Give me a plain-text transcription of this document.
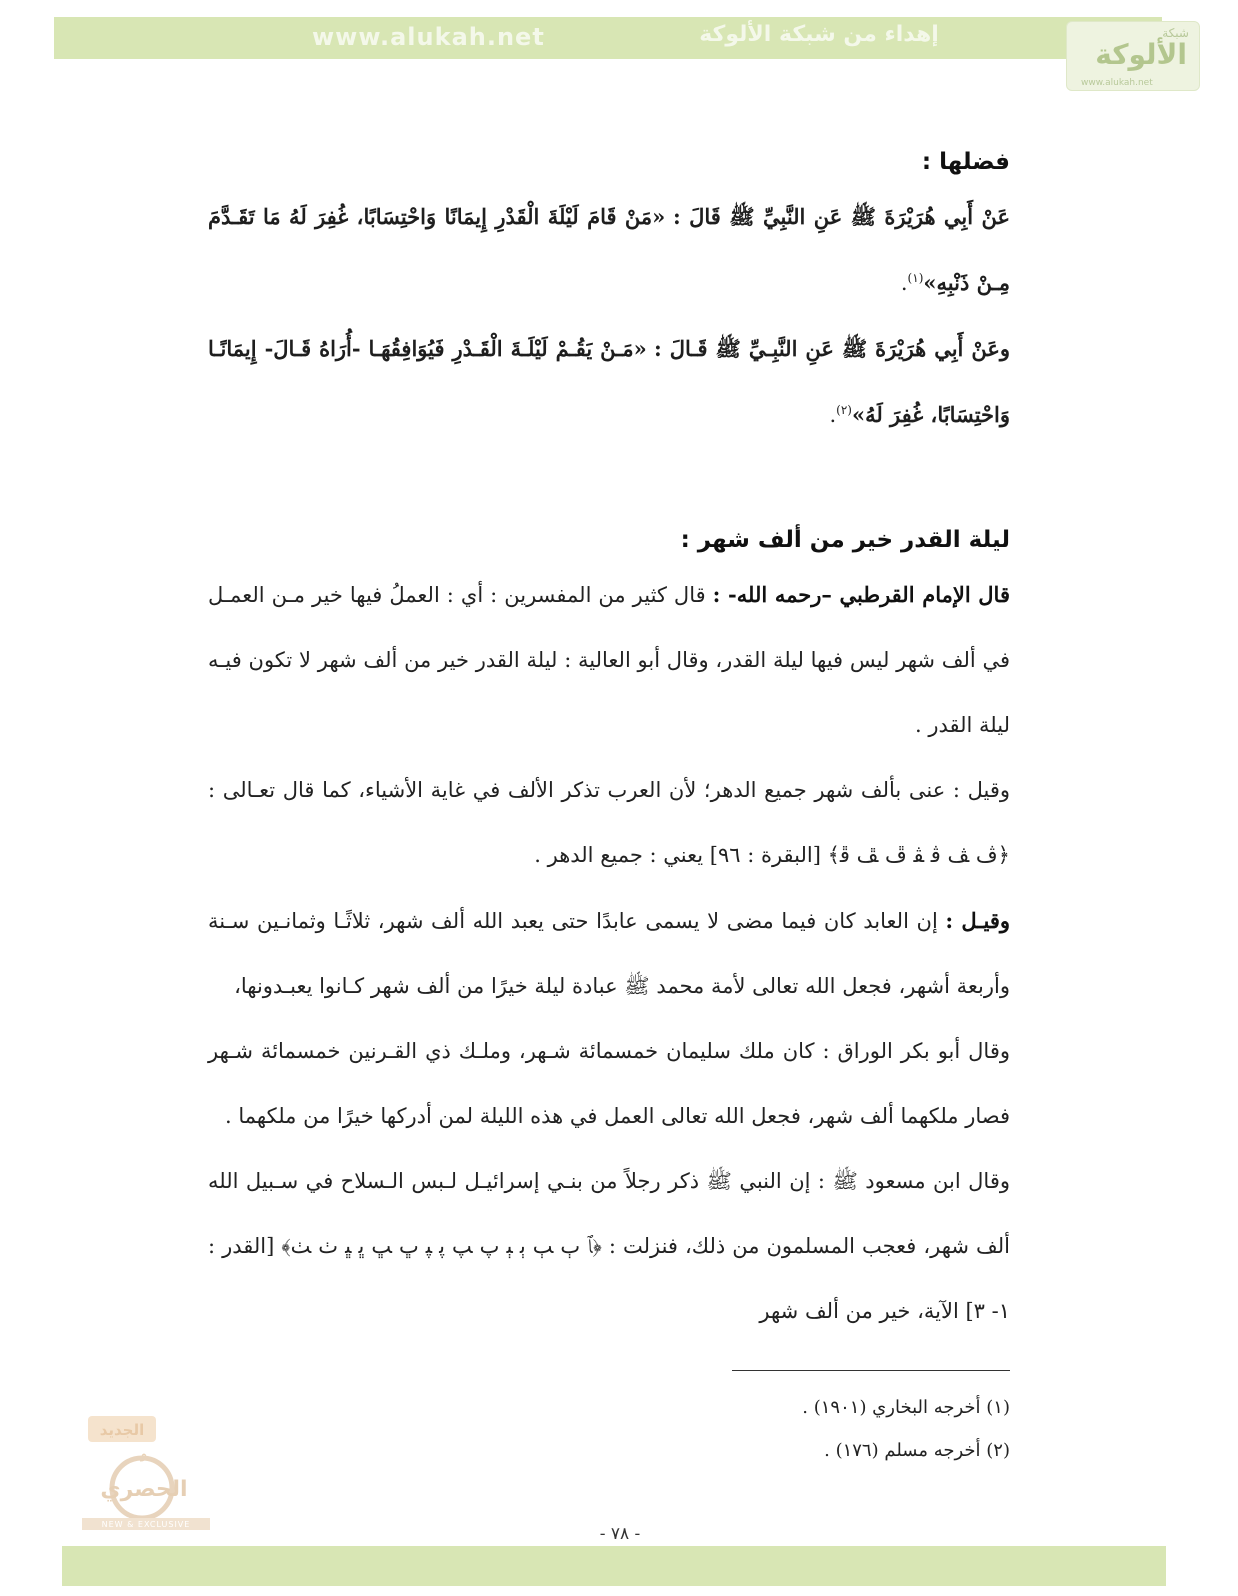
www.alukah.net	إهداء من شبكة الألوكة	شبكة
الألوكة
www.alukah.net

فضلها :

عَنْ أَبِي هُرَيْرَةَ ﷺ عَنِ النَّبِيِّ ﷺ قَالَ : «مَنْ قَامَ لَيْلَةَ الْقَدْرِ إِيمَانًا وَاحْتِسَابًا، غُفِرَ لَهُ مَا تَقَـدَّمَ مِـنْ ذَنْبِهِ»$^{(١)}$.

وعَنْ أَبِي هُرَيْرَةَ ﷺ عَنِ النَّبِـيِّ ﷺ قَـالَ : «مَـنْ يَقُـمْ لَيْلَـةَ الْقَـدْرِ فَيُوَافِقُهَـا -أُرَاهُ قَـالَ- إِيمَانًـا وَاحْتِسَابًا، غُفِرَ لَهُ»$^{(٢)}$.

ليلة القدر خير من ألف شهر :

قال الإمام القرطبي –رحمه الله- : قال كثير من المفسرين : أي : العملُ فيها خير مـن العمـل في ألف شهر ليس فيها ليلة القدر، وقال أبو العالية : ليلة القدر خير من ألف شهر لا تكون فيـه ليلة القدر .

وقيل : عنى بألف شهر جميع الدهر؛ لأن العرب تذكر الألف في غاية الأشياء، كما قال تعـالى : ﴿ﭪ ﭫ ﭬ ﭭ ﭮ ﭯ ﭰ﴾ [البقرة : ٩٦] يعني : جميع الدهر .

وقيـل : إن العابد كان فيما مضى لا يسمى عابدًا حتى يعبد الله ألف شهر، ثلاثًـا وثمانـين سـنة وأربعة أشهر، فجعل الله تعالى لأمة محمد ﷺ عبادة ليلة خيرًا من ألف شهر كـانوا يعبـدونها،

وقال أبو بكر الوراق : كان ملك سليمان خمسمائة شـهر، وملـك ذي القـرنين خمسمائة شـهر فصار ملكهما ألف شهر، فجعل الله تعالى العمل في هذه الليلة لمن أدركها خيرًا من ملكهما .

وقال ابن مسعود ﷺ : إن النبي ﷺ ذكر رجلاً من بنـي إسرائيـل لـبس الـسلاح في سـبيل الله ألف شهر، فعجب المسلمون من ذلك، فنزلت : ﴿ﭑ ﭒ ﭓ ﭔ ﭕ ﭖ ﭗ ﭘ ﭙ ﭚ ﭛ ﭜ ﭝ ﭞ ﭟ﴾ [القدر : ١- ٣] الآية، خير من ألف شهر

(١) أخرجه البخاري (١٩٠١) .
(٢) أخرجه مسلم (١٧٦) .
الجديد
و
الحصري
NEW & EXCLUSIVE	- ٧٨ -
